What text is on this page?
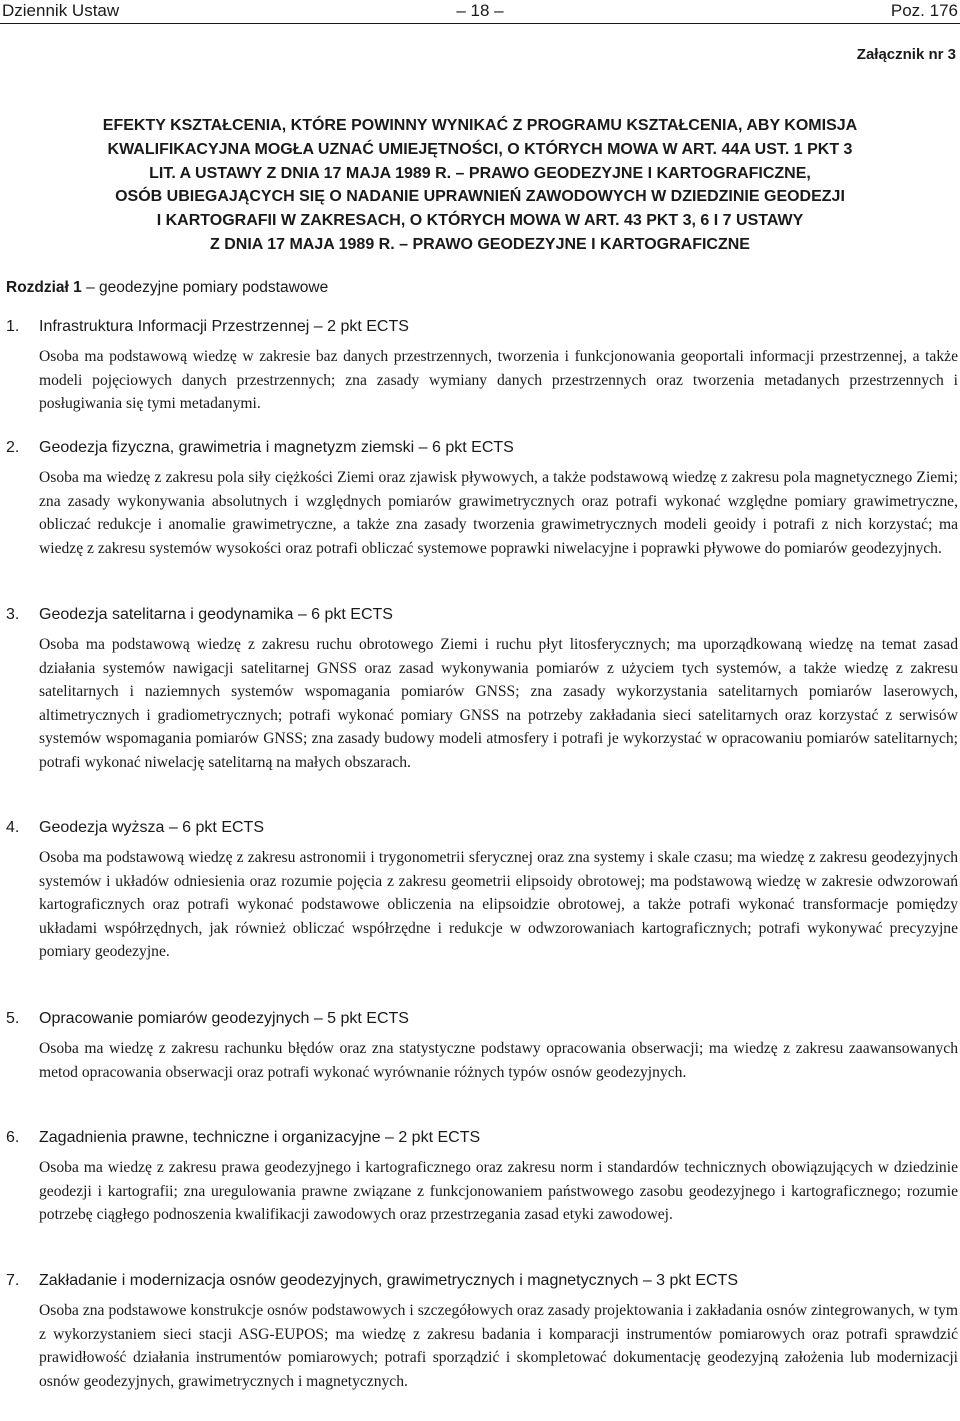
Dziennik Ustaw	– 18 –	Poz. 176
Załącznik nr 3
EFEKTY KSZTAŁCENIA, KTÓRE POWINNY WYNIKAĆ Z PROGRAMU KSZTAŁCENIA, ABY KOMISJA
KWALIFIKACYJNA MOGŁA UZNAĆ UMIEJĘTNOŚCI, O KTÓRYCH MOWA W ART. 44A UST. 1 PKT 3
LIT. A USTAWY Z DNIA 17 MAJA 1989 R. – PRAWO GEODEZYJNE I KARTOGRAFICZNE,
OSÓB UBIEGAJĄCYCH SIĘ O NADANIE UPRAWNIEŃ ZAWODOWYCH W DZIEDZINIE GEODEZJI
I KARTOGRAFII W ZAKRESACH, O KTÓRYCH MOWA W ART. 43 PKT 3, 6 I 7 USTAWY
Z DNIA 17 MAJA 1989 R. – PRAWO GEODEZYJNE I KARTOGRAFICZNE
Rozdział 1 – geodezyjne pomiary podstawowe
1. Infrastruktura Informacji Przestrzennej – 2 pkt ECTS

Osoba ma podstawową wiedzę w zakresie baz danych przestrzennych, tworzenia i funkcjonowania geoportali informacji przestrzennej, a także modeli pojęciowych danych przestrzennych; zna zasady wymiany danych przestrzennych oraz tworzenia metadanych przestrzennych i posługiwania się tymi metadanymi.

2. Geodezja fizyczna, grawimetria i magnetyzm ziemski – 6 pkt ECTS

Osoba ma wiedzę z zakresu pola siły ciężkości Ziemi oraz zjawisk pływowych, a także podstawową wiedzę z zakresu pola magnetycznego Ziemi; zna zasady wykonywania absolutnych i względnych pomiarów grawimetrycznych oraz potrafi wykonać względne pomiary grawimetryczne, obliczać redukcje i anomalie grawimetryczne, a także zna zasady tworzenia grawimetrycznych modeli geoidy i potrafi z nich korzystać; ma wiedzę z zakresu systemów wysokości oraz potrafi obliczać systemowe poprawki niwelacyjne i poprawki pływowe do pomiarów geodezyjnych.

3. Geodezja satelitarna i geodynamika – 6 pkt ECTS

Osoba ma podstawową wiedzę z zakresu ruchu obrotowego Ziemi i ruchu płyt litosferycznych; ma uporządkowaną wiedzę na temat zasad działania systemów nawigacji satelitarnej GNSS oraz zasad wykonywania pomiarów z użyciem tych systemów, a także wiedzę z zakresu satelitarnych i naziemnych systemów wspomagania pomiarów GNSS; zna zasady wykorzystania satelitarnych pomiarów laserowych, altimetrycznych i gradiometrycznych; potrafi wykonać pomiary GNSS na potrzeby zakładania sieci satelitarnych oraz korzystać z serwisów systemów wspomagania pomiarów GNSS; zna zasady budowy modeli atmosfery i potrafi je wykorzystać w opracowaniu pomiarów satelitarnych; potrafi wykonać niwelację satelitarną na małych obszarach.

4. Geodezja wyższa – 6 pkt ECTS

Osoba ma podstawową wiedzę z zakresu astronomii i trygonometrii sferycznej oraz zna systemy i skale czasu; ma wiedzę z zakresu geodezyjnych systemów i układów odniesienia oraz rozumie pojęcia z zakresu geometrii elipsoidy obrotowej; ma podstawową wiedzę w zakresie odwzorowań kartograficznych oraz potrafi wykonać podstawowe obliczenia na elipsoidzie obrotowej, a także potrafi wykonać transformacje pomiędzy układami współrzędnych, jak również obliczać współrzędne i redukcje w odwzorowaniach kartograficznych; potrafi wykonywać precyzyjne pomiary geodezyjne.

5. Opracowanie pomiarów geodezyjnych – 5 pkt ECTS

Osoba ma wiedzę z zakresu rachunku błędów oraz zna statystyczne podstawy opracowania obserwacji; ma wiedzę z zakresu zaawansowanych metod opracowania obserwacji oraz potrafi wykonać wyrównanie różnych typów osnów geodezyjnych.

6. Zagadnienia prawne, techniczne i organizacyjne – 2 pkt ECTS

Osoba ma wiedzę z zakresu prawa geodezyjnego i kartograficznego oraz zakresu norm i standardów technicznych obowiązujących w dziedzinie geodezji i kartografii; zna uregulowania prawne związane z funkcjonowaniem państwowego zasobu geodezyjnego i kartograficznego; rozumie potrzebę ciągłego podnoszenia kwalifikacji zawodowych oraz przestrzegania zasad etyki zawodowej.

7. Zakładanie i modernizacja osnów geodezyjnych, grawimetrycznych i magnetycznych – 3 pkt ECTS

Osoba zna podstawowe konstrukcje osnów podstawowych i szczegółowych oraz zasady projektowania i zakładania osnów zintegrowanych, w tym z wykorzystaniem sieci stacji ASG-EUPOS; ma wiedzę z zakresu badania i komparacji instrumentów pomiarowych oraz potrafi sprawdzić prawidłowość działania instrumentów pomiarowych; potrafi sporządzić i skompletować dokumentację geodezyjną założenia lub modernizacji osnów geodezyjnych, grawimetrycznych i magnetycznych.
